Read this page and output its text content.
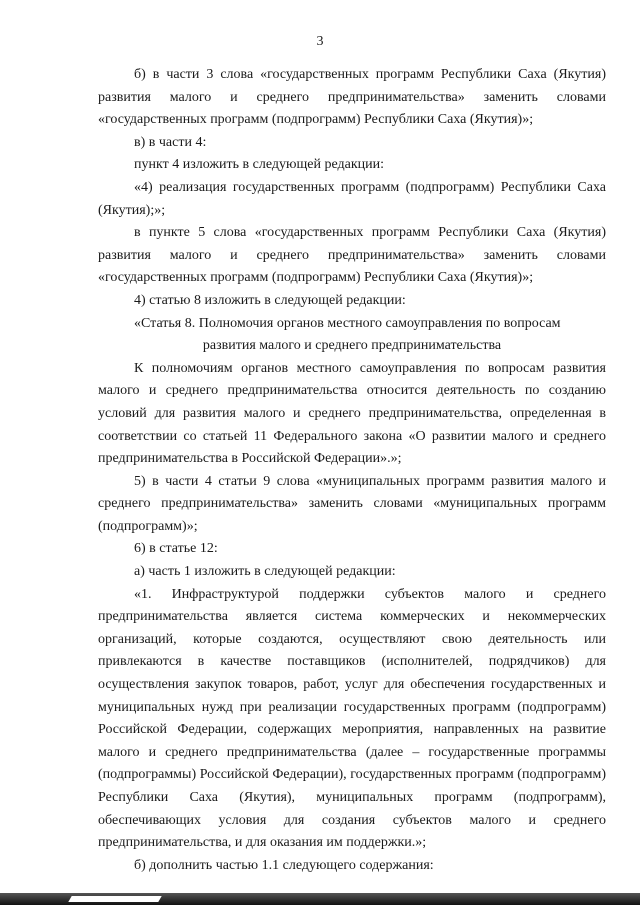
3

б) в части 3 слова «государственных программ Республики Саха (Якутия) развития малого и среднего предпринимательства» заменить словами «государственных программ (подпрограмм) Республики Саха (Якутия)»;

в) в части 4:

пункт 4 изложить в следующей редакции:

«4) реализация государственных программ (подпрограмм) Республики Саха (Якутия);»;

в пункте 5 слова «государственных программ Республики Саха (Якутия) развития малого и среднего предпринимательства» заменить словами «государственных программ (подпрограмм) Республики Саха (Якутия)»;

4) статью 8 изложить в следующей редакции:

«Статья 8. Полномочия органов местного самоуправления по вопросам

развития малого и среднего предпринимательства

К полномочиям органов местного самоуправления по вопросам развития малого и среднего предпринимательства относится деятельность по созданию условий для развития малого и среднего предпринимательства, определенная в соответствии со статьей 11 Федерального закона «О развитии малого и среднего предпринимательства в Российской Федерации».»;

5) в части 4 статьи 9 слова «муниципальных программ развития малого и среднего предпринимательства» заменить словами «муниципальных программ (подпрограмм)»;

6) в статье 12:

а) часть 1 изложить в следующей редакции:

«1. Инфраструктурой поддержки субъектов малого и среднего предпринимательства является система коммерческих и некоммерческих организаций, которые создаются, осуществляют свою деятельность или привлекаются в качестве поставщиков (исполнителей, подрядчиков) для осуществления закупок товаров, работ, услуг для обеспечения государственных и муниципальных нужд при реализации государственных программ (подпрограмм) Российской Федерации, содержащих мероприятия, направленных на развитие малого и среднего предпринимательства (далее – государственные программы (подпрограммы) Российской Федерации), государственных программ (подпрограмм) Республики Саха (Якутия), муниципальных программ (подпрограмм), обеспечивающих условия для создания субъектов малого и среднего предпринимательства, и для оказания им поддержки.»;

б) дополнить частью 1.1 следующего содержания:
